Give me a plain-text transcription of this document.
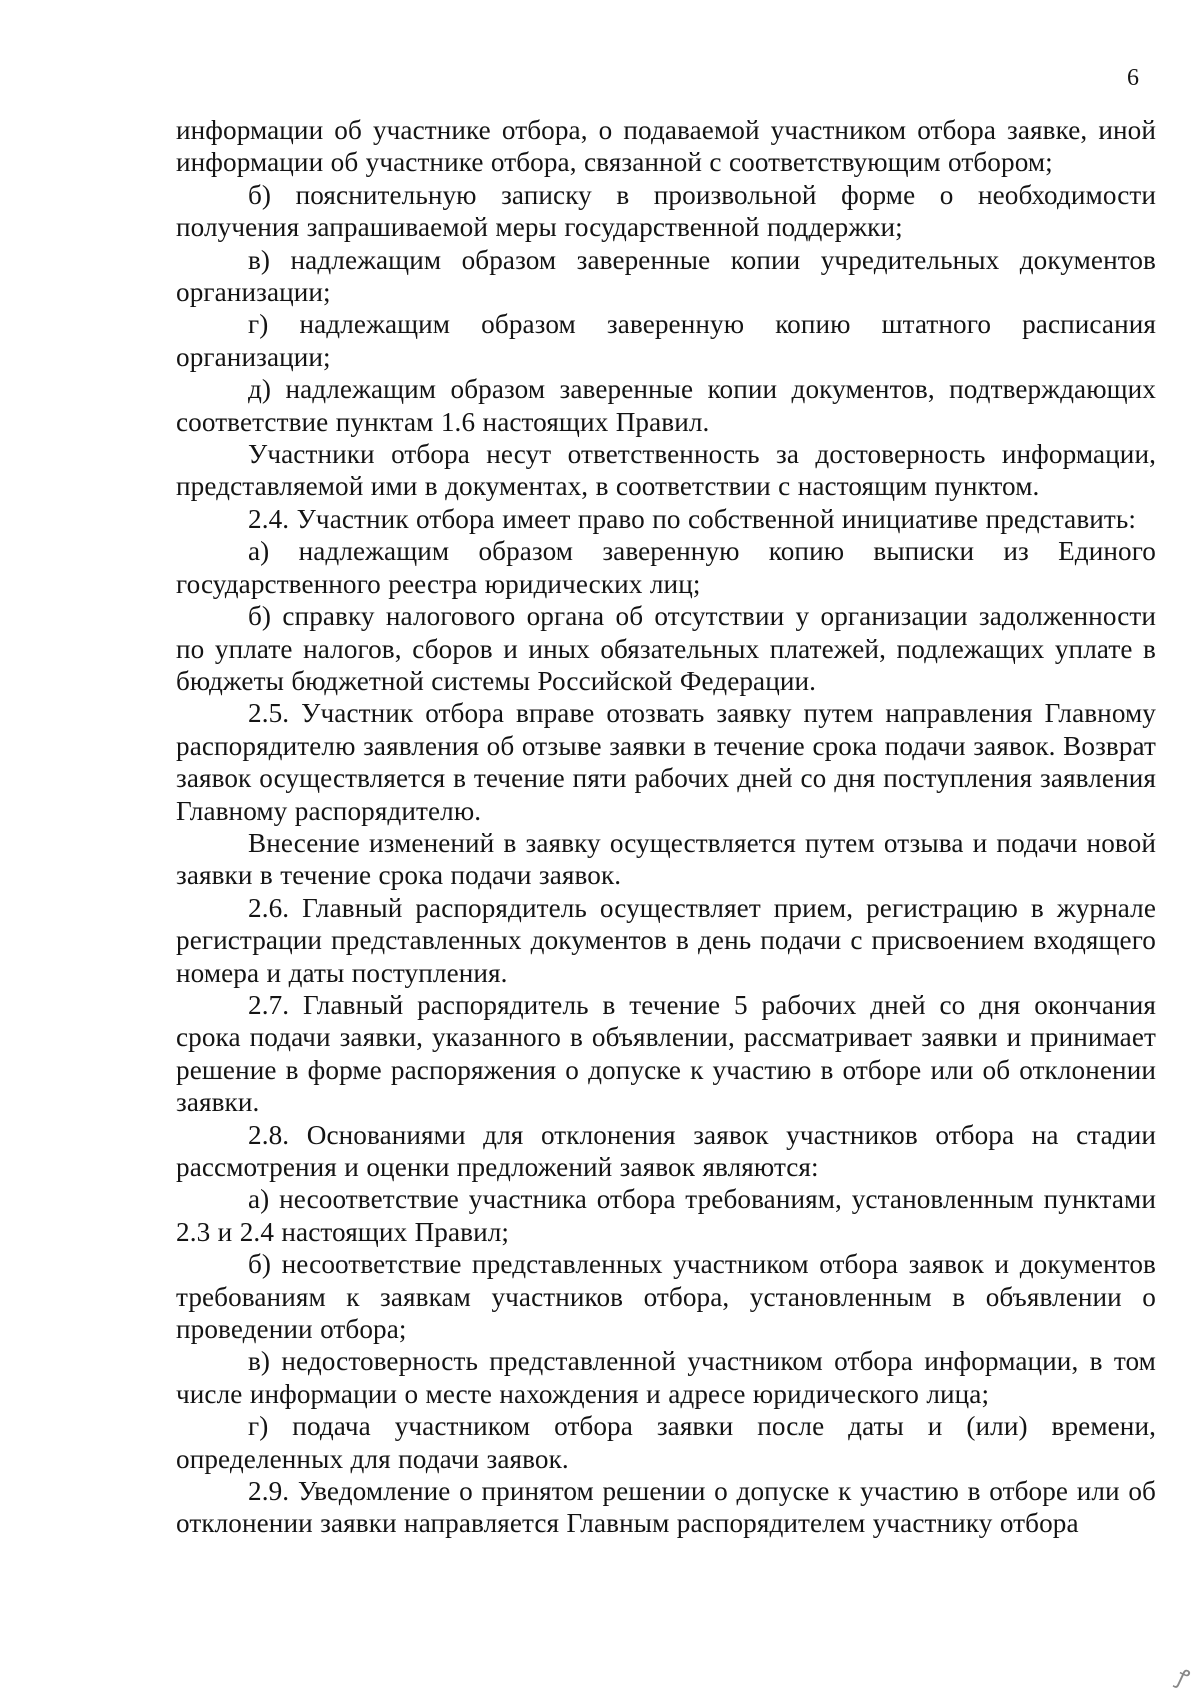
6

информации об участнике отбора, о подаваемой участником отбора заявке, иной информации об участнике отбора, связанной с соответствующим отбором;

б) пояснительную записку в произвольной форме о необходимости получения запрашиваемой меры государственной поддержки;

в) надлежащим образом заверенные копии учредительных документов организации;

г) надлежащим образом заверенную копию штатного расписания организации;

д) надлежащим образом заверенные копии документов, подтверждающих соответствие пунктам 1.6 настоящих Правил.

Участники отбора несут ответственность за достоверность информации, представляемой ими в документах, в соответствии с настоящим пунктом.

2.4. Участник отбора имеет право по собственной инициативе представить:

а) надлежащим образом заверенную копию выписки из Единого государственного реестра юридических лиц;

б) справку налогового органа об отсутствии у организации задолженности по уплате налогов, сборов и иных обязательных платежей, подлежащих уплате в бюджеты бюджетной системы Российской Федерации.

2.5. Участник отбора вправе отозвать заявку путем направления Главному распорядителю заявления об отзыве заявки в течение срока подачи заявок. Возврат заявок осуществляется в течение пяти рабочих дней со дня поступления заявления Главному распорядителю.

Внесение изменений в заявку осуществляется путем отзыва и подачи новой заявки в течение срока подачи заявок.

2.6. Главный распорядитель осуществляет прием, регистрацию в журнале регистрации представленных документов в день подачи с присвоением входящего номера и даты поступления.

2.7. Главный распорядитель в течение 5 рабочих дней со дня окончания срока подачи заявки, указанного в объявлении, рассматривает заявки и принимает решение в форме распоряжения о допуске к участию в отборе или об отклонении заявки.

2.8. Основаниями для отклонения заявок участников отбора на стадии рассмотрения и оценки предложений заявок являются:

а) несоответствие участника отбора требованиям, установленным пунктами 2.3 и 2.4 настоящих Правил;

б) несоответствие представленных участником отбора заявок и документов требованиям к заявкам участников отбора, установленным в объявлении о проведении отбора;

в) недостоверность представленной участником отбора информации, в том числе информации о месте нахождения и адресе юридического лица;

г) подача участником отбора заявки после даты и (или) времени, определенных для подачи заявок.

2.9. Уведомление о принятом решении о допуске к участию в отборе или об отклонении заявки направляется Главным распорядителем участнику отбора

ꝭ
